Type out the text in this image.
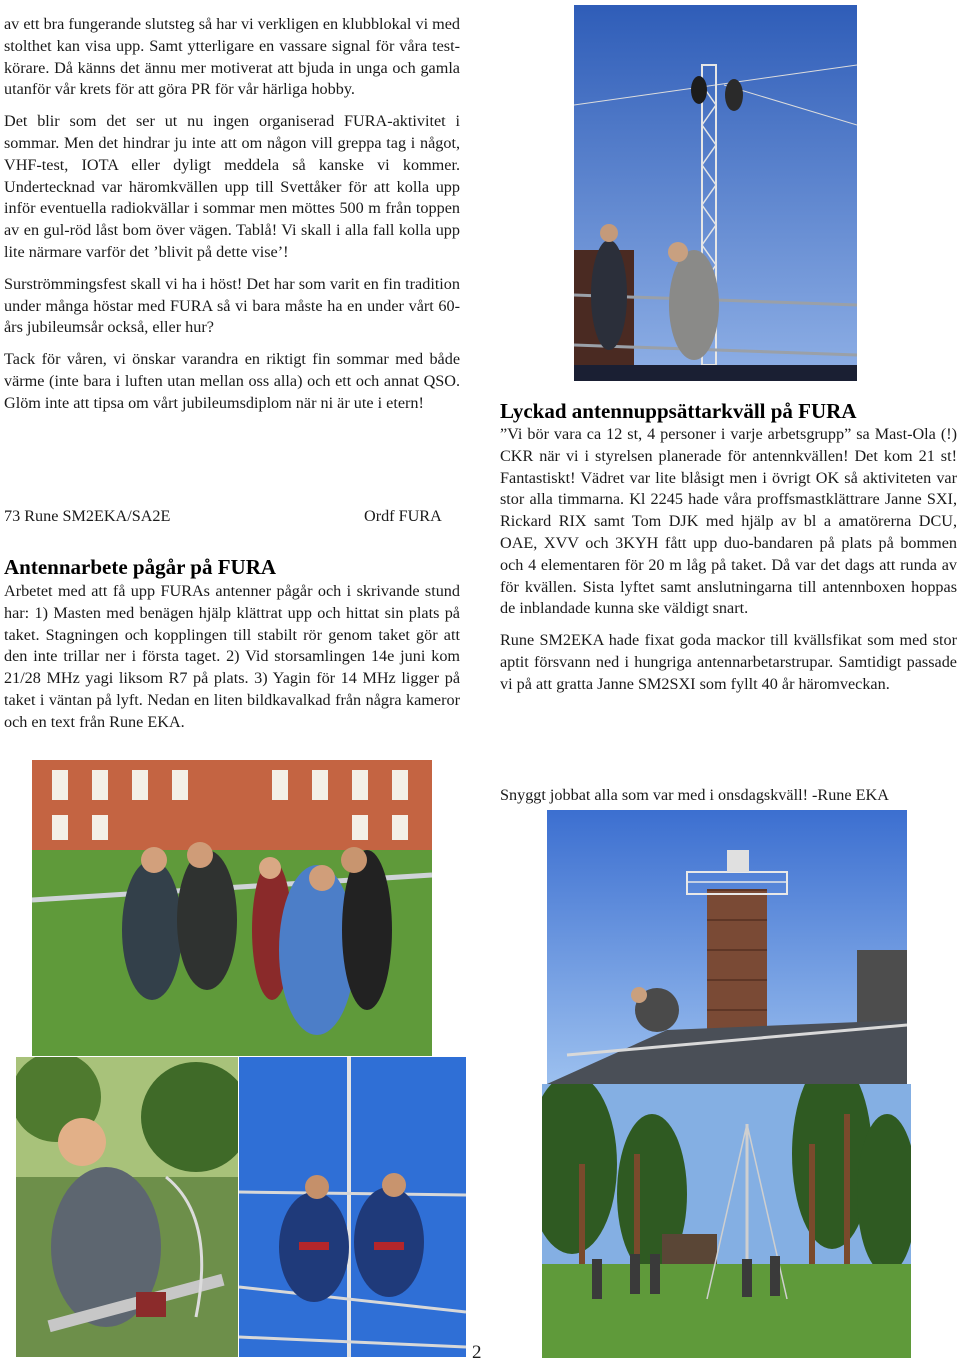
av ett bra fungerande slutsteg så har vi verkligen en klubblokal vi med stolthet kan visa upp. Samt ytterligare en vassare signal för våra test-körare. Då känns det ännu mer motiverat att bjuda in unga och gamla utanför vår krets för att göra PR för vår härliga hobby.

Det blir som det ser ut nu ingen organiserad FURA-aktivitet i sommar. Men det hindrar ju inte att om någon vill greppa tag i något, VHF-test, IOTA eller dyligt meddela så kanske vi kommer. Undertecknad var häromkvällen upp till Svettåker för att kolla upp inför eventuella radiokvällar i sommar men möttes 500 m från toppen av en gul-röd låst bom över vägen. Tablå! Vi skall i alla fall kolla upp lite närmare varför det ’blivit på dette vise’!

Surströmmingsfest skall vi ha i höst! Det har som varit en fin tradition under många höstar med FURA så vi bara måste ha en under vårt 60-års jubileumsår också, eller hur?

Tack för våren, vi önskar varandra en riktigt fin sommar med både värme (inte bara i luften utan mellan oss alla) och ett och annat QSO. Glöm inte att tipsa om vårt jubileumsdiplom när ni är ute i etern!

73 Rune SM2EKA/SA2E	Ordf FURA
Antennarbete pågår på FURA

Arbetet med att få upp FURAs antenner pågår och i skrivande stund har: 1) Masten med benägen hjälp klättrat upp och hittat sin plats på taket. Stagningen och kopplingen till stabilt rör genom taket gör att den inte trillar ner i första taget. 2) Vid storsamlingen 14e juni kom 21/28 MHz yagi liksom R7 på plats. 3) Yagin för 14 MHz ligger på taket i väntan på lyft. Nedan en liten bildkavalkad från några kameror och en text från Rune EKA.

Lyckad antennuppsättarkväll på FURA

”Vi bör vara ca 12 st, 4 personer i varje arbetsgrupp” sa Mast-Ola (!) CKR när vi i styrelsen planerade för antennkvällen! Det kom 21 st! Fantastiskt! Vädret var lite blåsigt men i övrigt OK så aktiviteten var stor alla timmarna. Kl 2245 hade våra proffsmastklättrare Janne SXI, Rickard RIX samt Tom DJK med hjälp av bl a amatörerna DCU, OAE, XVV och 3KYH fått upp duo-bandaren på plats på bommen och 4 elementaren för 20 m låg på taket. Då var det dags att runda av för kvällen. Sista lyftet samt anslutningarna till antennboxen hoppas de inblandade kunna ske väldigt snart.

Rune SM2EKA hade fixat goda mackor till kvällsfikat som med stor aptit försvann ned i hungriga antennarbetarstrupar. Samtidigt passade vi på att gratta Janne SM2SXI som fyllt 40 år häromveckan.

Snyggt jobbat alla som var med i onsdagskväll! -Rune EKA
2
